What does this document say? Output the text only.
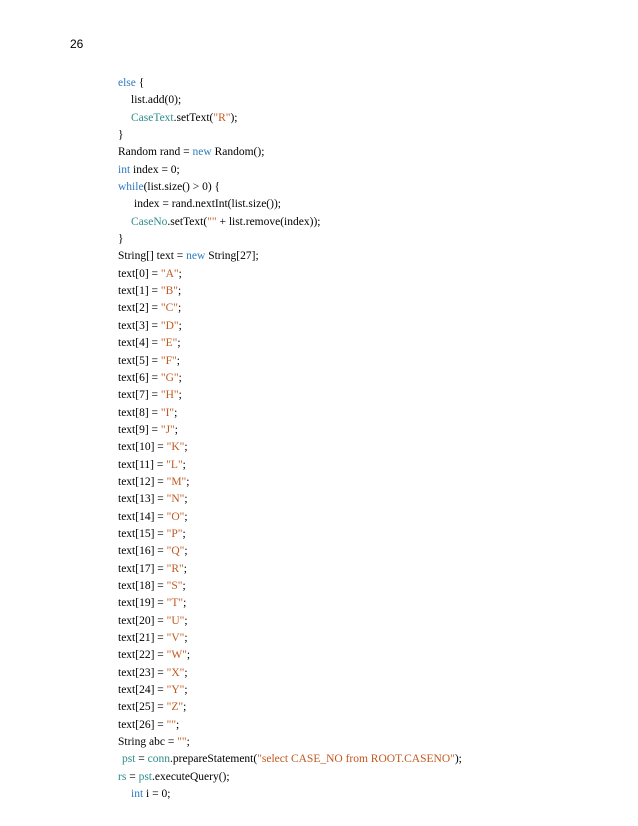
26
else {
list.add(0);
CaseText.setText("R");
}
Random rand = new Random();
int index = 0;
while(list.size() > 0) {
index = rand.nextInt(list.size());
CaseNo.setText("" + list.remove(index));
}
String[] text = new String[27];
text[0] = "A";
text[1] = "B";
text[2] = "C";
text[3] = "D";
text[4] = "E";
text[5] = "F";
text[6] = "G";
text[7] = "H";
text[8] = "I";
text[9] = "J";
text[10] = "K";
text[11] = "L";
text[12] = "M";
text[13] = "N";
text[14] = "O";
text[15] = "P";
text[16] = "Q";
text[17] = "R";
text[18] = "S";
text[19] = "T";
text[20] = "U";
text[21] = "V";
text[22] = "W";
text[23] = "X";
text[24] = "Y";
text[25] = "Z";
text[26] = "";
String abc = "";
pst = conn.prepareStatement("select CASE_NO from ROOT.CASENO");
rs = pst.executeQuery();
int i = 0;
